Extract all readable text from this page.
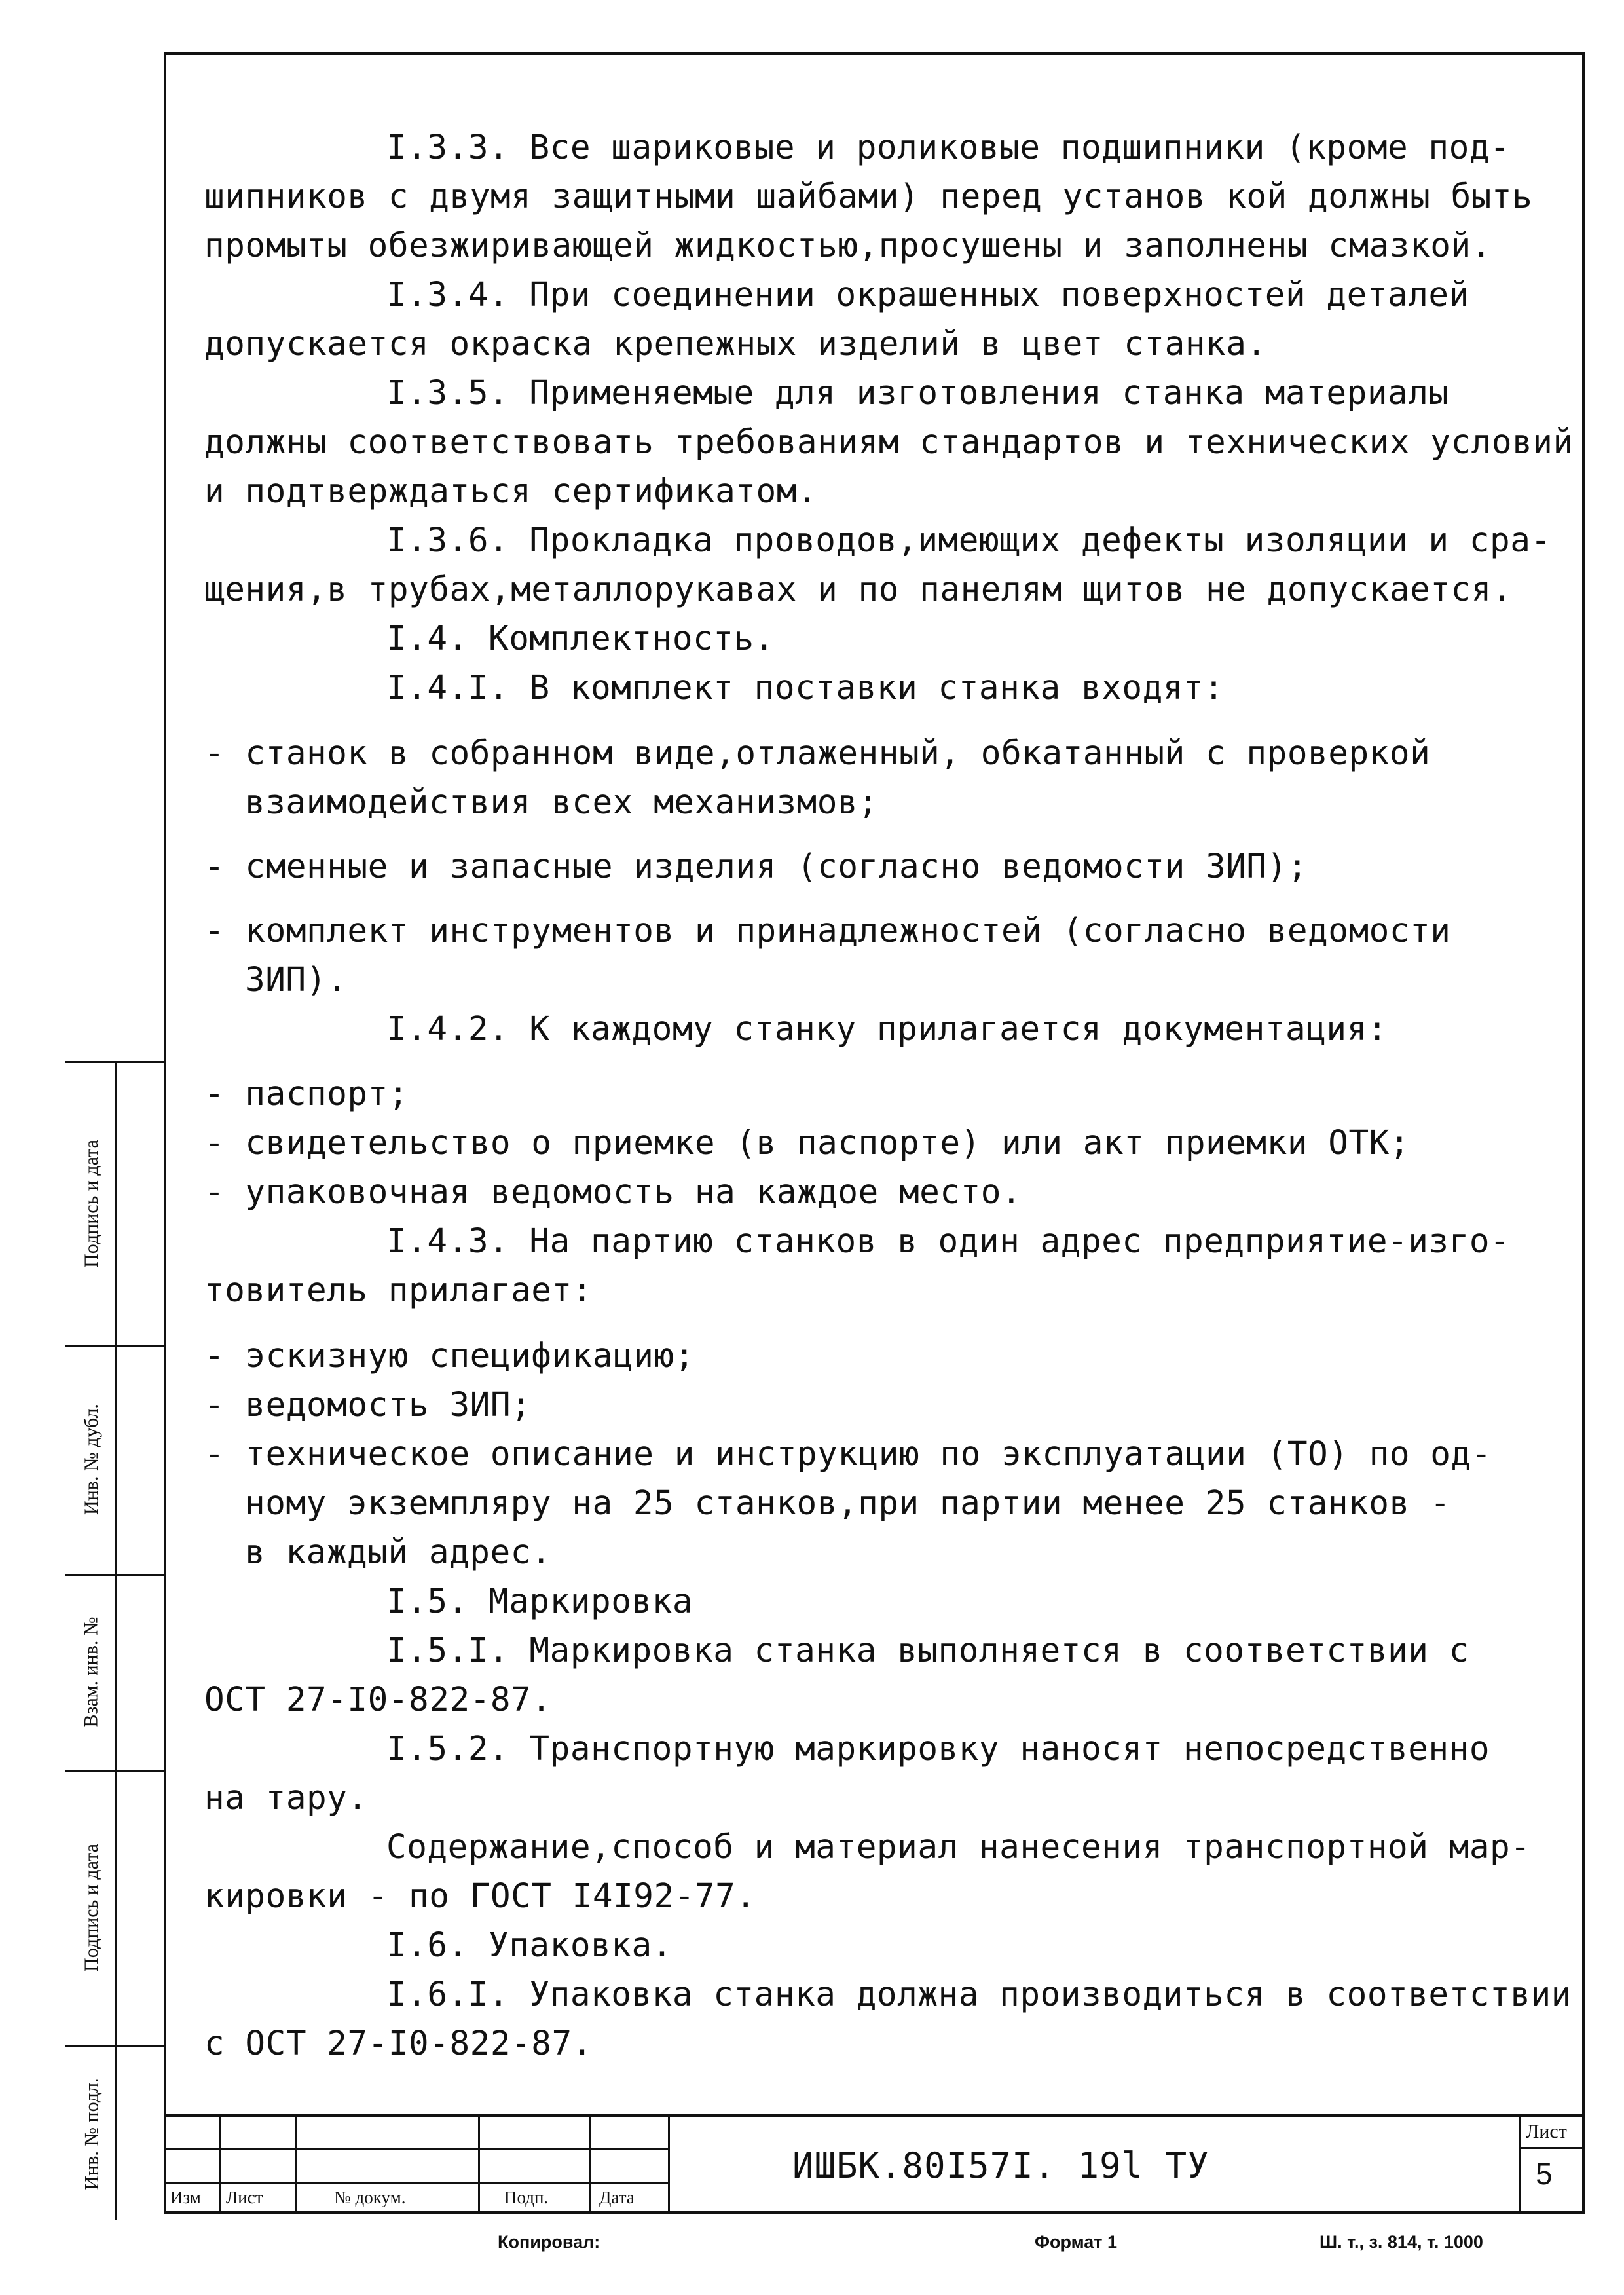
I.3.3. Все шариковые и роликовые подшипники (кроме под-
шипников с двумя защитными шайбами) перед установ кой должны быть
промыты обезжиривающей жидкостью,просушены и заполнены смазкой.
I.3.4. При соединении окрашенных поверхностей деталей
допускается окраска крепежных изделий в цвет станка.
I.3.5. Применяемые для изготовления станка материалы
должны соответствовать требованиям стандартов и технических условий
и подтверждаться сертификатом.
I.3.6. Прокладка проводов,имеющих дефекты изоляции и сра-
щения,в трубах,металлорукавах и по панелям щитов не допускается.
I.4. Комплектность.
I.4.I. В комплект поставки станка входят:
- станок в собранном виде,отлаженный, обкатанный с проверкой
взаимодействия всех механизмов;
- сменные и запасные изделия (согласно ведомости ЗИП);
- комплект инструментов и принадлежностей (согласно ведомости
ЗИП).
I.4.2. К каждому станку прилагается документация:
- паспорт;
- свидетельство о приемке (в паспорте) или акт приемки ОТК;
- упаковочная ведомость на каждое место.
I.4.3. На партию станков в один адрес предприятие-изго-
товитель прилагает:
- эскизную спецификацию;
- ведомость ЗИП;
- техническое описание и инструкцию по эксплуатации (ТО) по од-
ному экземпляру на 25 станков,при партии менее 25 станков -
в каждый адрес.
I.5. Маркировка
I.5.I. Маркировка станка выполняется в соответствии с
ОСТ 27-I0-822-87.
I.5.2. Транспортную маркировку наносят непосредственно
на тару.
Содержание,способ и материал нанесения транспортной мар-
кировки - по ГОСТ I4I92-77.
I.6. Упаковка.
I.6.I. Упаковка станка должна производиться в соответствии
с ОСТ 27-I0-822-87.
Подпись и дата
Инв. № дубл.
Взам. инв. №
Подпись и дата
Инв. № подл.
Изм Лист	№ докум.	Подп.	Дата
ИШБК.80I57I. 19l ТУ
Лист
5
Копировал:	Формат 1	Ш. т., з. 814, т. 1000
